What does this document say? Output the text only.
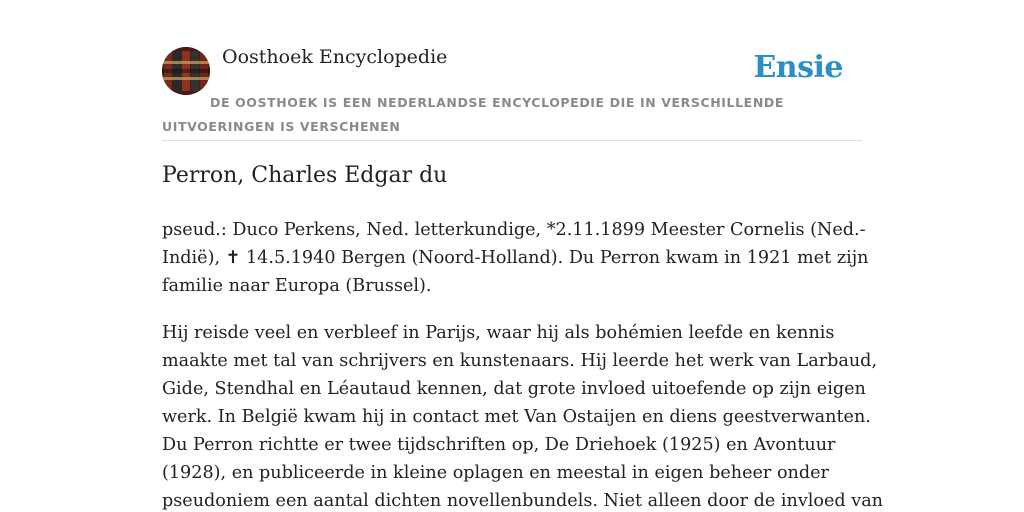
Oosthoek Encyclopedie	Ensie
DE OOSTHOEK IS EEN NEDERLANDSE ENCYCLOPEDIE DIE IN VERSCHILLENDE UITVOERINGEN IS VERSCHENEN
Perron, Charles Edgar du

pseud.: Duco Perkens, Ned. letterkundige, *2.11.1899 Meester Cornelis (Ned.-
Indië), ✝ 14.5.1940 Bergen (Noord-Holland). Du Perron kwam in 1921 met zijn
familie naar Europa (Brussel).

Hij reisde veel en verbleef in Parijs, waar hij als bohémien leefde en kennis
maakte met tal van schrijvers en kunstenaars. Hij leerde het werk van Larbaud,
Gide, Stendhal en Léautaud kennen, dat grote invloed uitoefende op zijn eigen
werk. In België kwam hij in contact met Van Ostaijen en diens geestverwanten.
Du Perron richtte er twee tijdschriften op, De Driehoek (1925) en Avontuur
(1928), en publiceerde in kleine oplagen en meestal in eigen beheer onder
pseudoniem een aantal dichten novellenbundels. Niet alleen door de invloed van
